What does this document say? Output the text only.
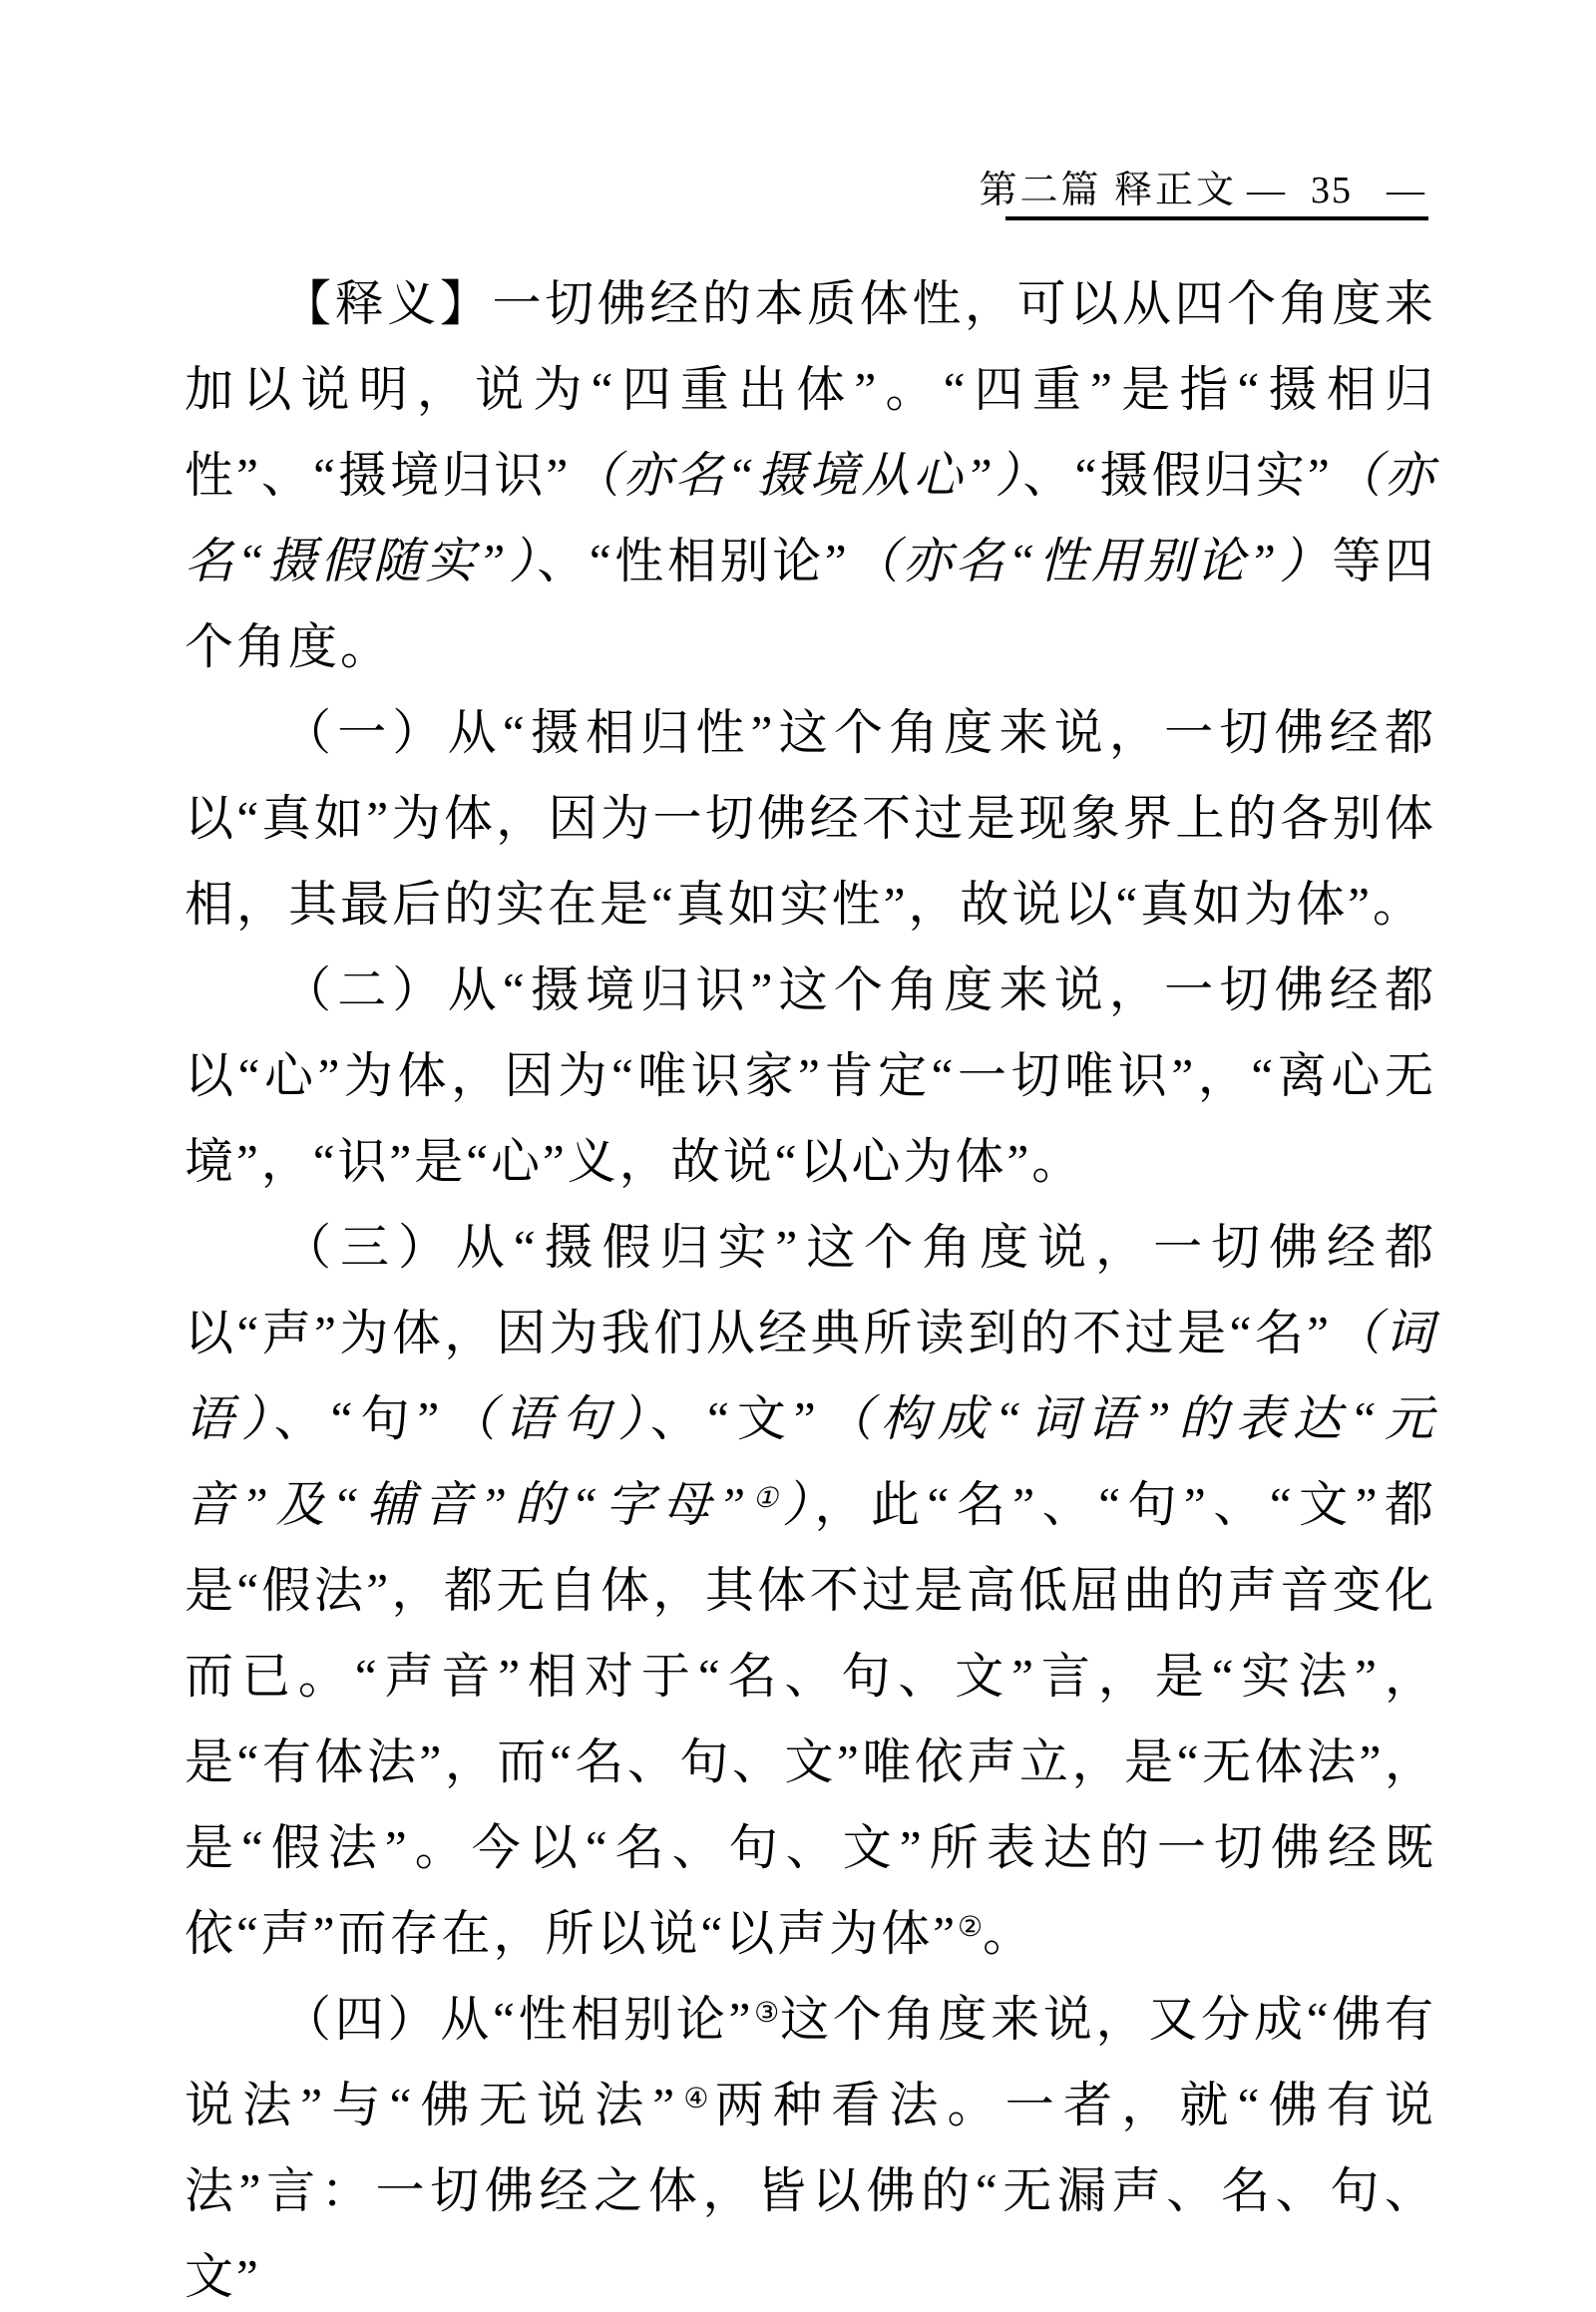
第二篇 释正文 — 35 —

【释义】一切佛经的本质体性，可以从四个角度来加以说明，说为“四重出体”。“四重”是指“摄相归性”、“摄境归识”（亦名“摄境从心”）、“摄假归实”（亦名“摄假随实”）、“性相别论”（亦名“性用别论”）等四个角度。

（一）从“摄相归性”这个角度来说，一切佛经都以“真如”为体，因为一切佛经不过是现象界上的各别体相，其最后的实在是“真如实性”，故说以“真如为体”。

（二）从“摄境归识”这个角度来说，一切佛经都以“心”为体，因为“唯识家”肯定“一切唯识”，“离心无境”，“识”是“心”义，故说“以心为体”。

（三）从“摄假归实”这个角度说，一切佛经都以“声”为体，因为我们从经典所读到的不过是“名”（词语）、“句”（语句）、“文”（构成“词语”的表达“元音”及“辅音”的“字母”①），此“名”、“句”、“文”都是“假法”，都无自体，其体不过是高低屈曲的声音变化而已。“声音”相对于“名、句、文”言，是“实法”，是“有体法”，而“名、句、文”唯依声立，是“无体法”，是“假法”。今以“名、句、文”所表达的一切佛经既依“声”而存在，所以说“以声为体”②。

（四）从“性相别论”③这个角度来说，又分成“佛有说法”与“佛无说法”④两种看法。一者，就“佛有说法”言：一切佛经之体，皆以佛的“无漏声、名、句、文”
